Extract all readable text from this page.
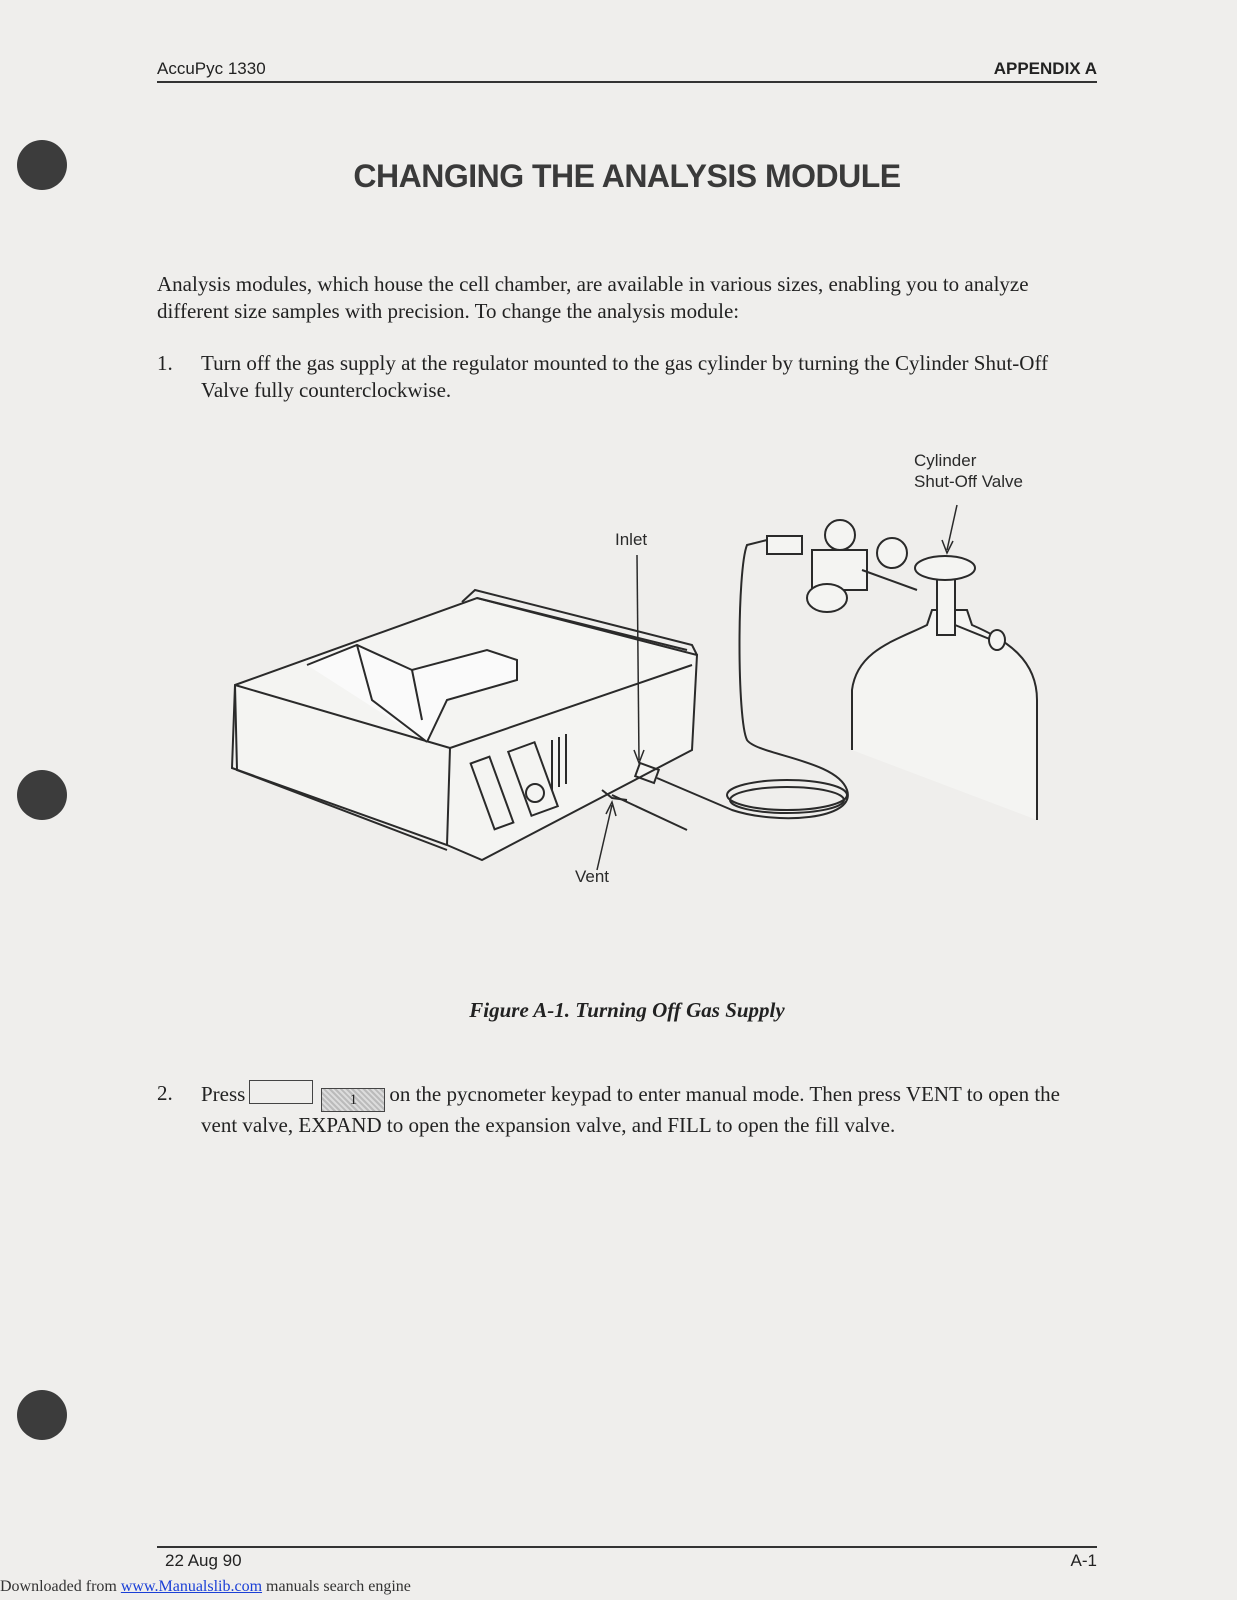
AccuPyc 1330	APPENDIX A
CHANGING THE ANALYSIS MODULE
Analysis modules, which house the cell chamber, are available in various sizes, enabling you to analyze different size samples with precision. To change the analysis module:
1. Turn off the gas supply at the regulator mounted to the gas cylinder by turning the Cylinder Shut-Off Valve fully counterclockwise.
Cylinder
Shut-Off Valve
Inlet
Vent
Figure A-1. Turning Off Gas Supply
2. Press	1 on the pycnometer keypad to enter manual mode. Then press VENT to open the vent valve, EXPAND to open the expansion valve, and FILL to open the fill valve.
22 Aug 90	A-1
Downloaded from www.Manualslib.com manuals search engine
